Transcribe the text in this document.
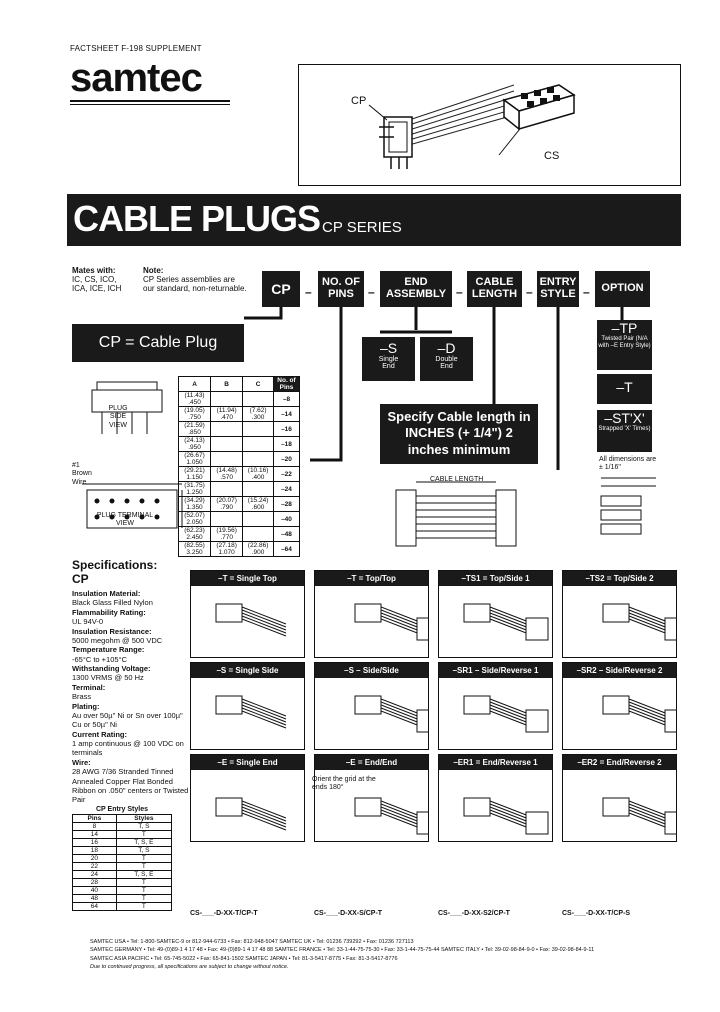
FACTSHEET F-198 SUPPLEMENT
samtec
CP
CS
CABLE PLUGS CP SERIES
Mates with:
IC, CS, ICO,
ICA, ICE, ICH
Note:
CP Series assemblies are
our standard, non-returnable.	CP	–
NO. OF PINS	–
END ASSEMBLY –
CABLE LENGTH –
ENTRY STYLE –	OPTION
CP = Cable Plug	–S
Single End
–D
Double End
–TP
Twisted Pair (N/A with –E Entry Style)
–T
–ST'X'
Strapped 'X' Times)
All dimensions are ± 1/16"
Specify Cable length in INCHES (+ 1/4") 2 inches minimum
CABLE LENGTH
PLUG SIDE VIEW
PLUG TERMINAL VIEW
#1 Brown Wire
A	B	C	No. of Pins
(11.43) .450			–8
(19.05) .750	(11.94) .470	(7.62) .300	–14
(21.59) .850			–16
(24.13) .950			–18
(26.67) 1.050			–20
(29.21) 1.150	(14.48) .570	(10.16) .400	–22
(31.75) 1.250			–24
(34.29) 1.350	(20.07) .790	(15.24) .600	–28
(52.07) 2.050			–40
(62.23) 2.450	(19.56) .770		–48
(82.55) 3.250	(27.18) 1.070	(22.86) .900	–64
Specifications:
CP
Insulation Material:
Black Glass Filled Nylon
Flammability Rating:
UL 94V-0
Insulation Resistance:
5000 megohm @ 500 VDC
Temperature Range:
-65°C to +105°C
Withstanding Voltage:
1300 VRMS @ 50 Hz
Terminal:
Brass
Plating:
Au over 50µ" Ni or Sn over 100µ" Cu or 50µ" Ni
Current Rating:
1 amp continuous @ 100 VDC on terminals
Wire:
28 AWG 7/36 Stranded Tinned Annealed Copper Flat Bonded Ribbon on .050" centers or Twisted Pair
CP Entry Styles
Pins	Styles
8	T, S
14	T
16	T, S, E
18	T, S
20	T
22	T
24	T, S, E
28	T
40	T
48	T
64	T
–T = Single Top	–T = Top/Top	–TS1 = Top/Side 1	–TS2 = Top/Side 2
–S = Single Side	–S – Side/Side	–SR1 – Side/Reverse 1	–SR2 – Side/Reverse 2
–E = Single End	–E = End/End	–ER1 = End/Reverse 1	–ER2 = End/Reverse 2
CS-___-D-XX-T/CP-T	CS-___-D-XX-S/CP-T	CS-___-D-XX-S2/CP-T	CS-___-D-XX-T/CP-S
Orient the grid at the ends 180°
SAMTEC USA • Tel: 1-800-SAMTEC-9 or 812-944-6733 • Fax: 812-948-5047 SAMTEC UK • Tel: 01236 739292 • Fax: 01236 727113
SAMTEC GERMANY • Tel: 49-(0)89-1 4 17 48 • Fax: 49-(0)89-1 4 17 48 88 SAMTEC FRANCE • Tel: 33-1-44-75-75-30 • Fax: 33-1-44-75-75-44 SAMTEC ITALY • Tel: 39-02-98-84-9-0 • Fax: 39-02-98-84-9-11
SAMTEC ASIA PACIFIC • Tel: 65-745-5022 • Fax: 65-841-1502 SAMTEC JAPAN • Tel: 81-3-5417-8775 • Fax: 81-3-5417-8776
Due to continued progress, all specifications are subject to change without notice.
